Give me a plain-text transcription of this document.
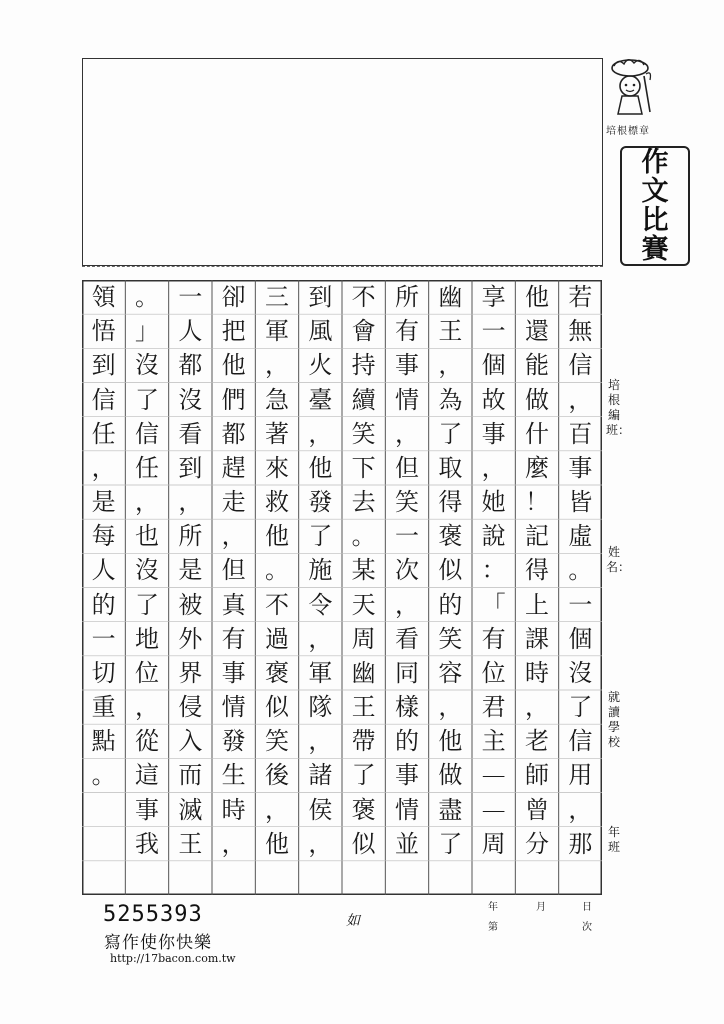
培根標章
作
文
比
賽
培根編班：
姓名：
就讀學校
年　班
若
無
信
，
百
事
皆
虛
。
一
個
沒
了
信
用
，
那
他
還
能
做
什
麼
！
記
得
上
課
時
，
老
師
曾
分
享
一
個
故
事
，
她
說
：
「
有
位
君
主
—
—
周
幽
王
，
為
了
取
得
褒
似
的
笑
容
，
他
做
盡
了
所
有
事
情
，
但
笑
一
次
，
看
同
樣
的
事
情
並
不
會
持
續
笑
下
去
。
某
天
周
幽
王
帶
了
褒
似
到
風
火
臺
，
他
發
了
施
令
，
軍
隊
，
諸
侯
，
三
軍
，
急
著
來
救
他
。
不
過
褒
似
笑
後
，
他
卻
把
他
們
都
趕
走
，
但
真
有
事
情
發
生
時
，
一
人
都
沒
看
到
，
所
是
被
外
界
侵
入
而
滅
王
。
」
沒
了
信
任
，
也
沒
了
地
位
，
從
這
事
我
領
悟
到
信
任
，
是
每
人
的
一
切
重
點
。
年	月	日
第	次
如
5255393
寫作使你快樂
http://17bacon.com.tw
